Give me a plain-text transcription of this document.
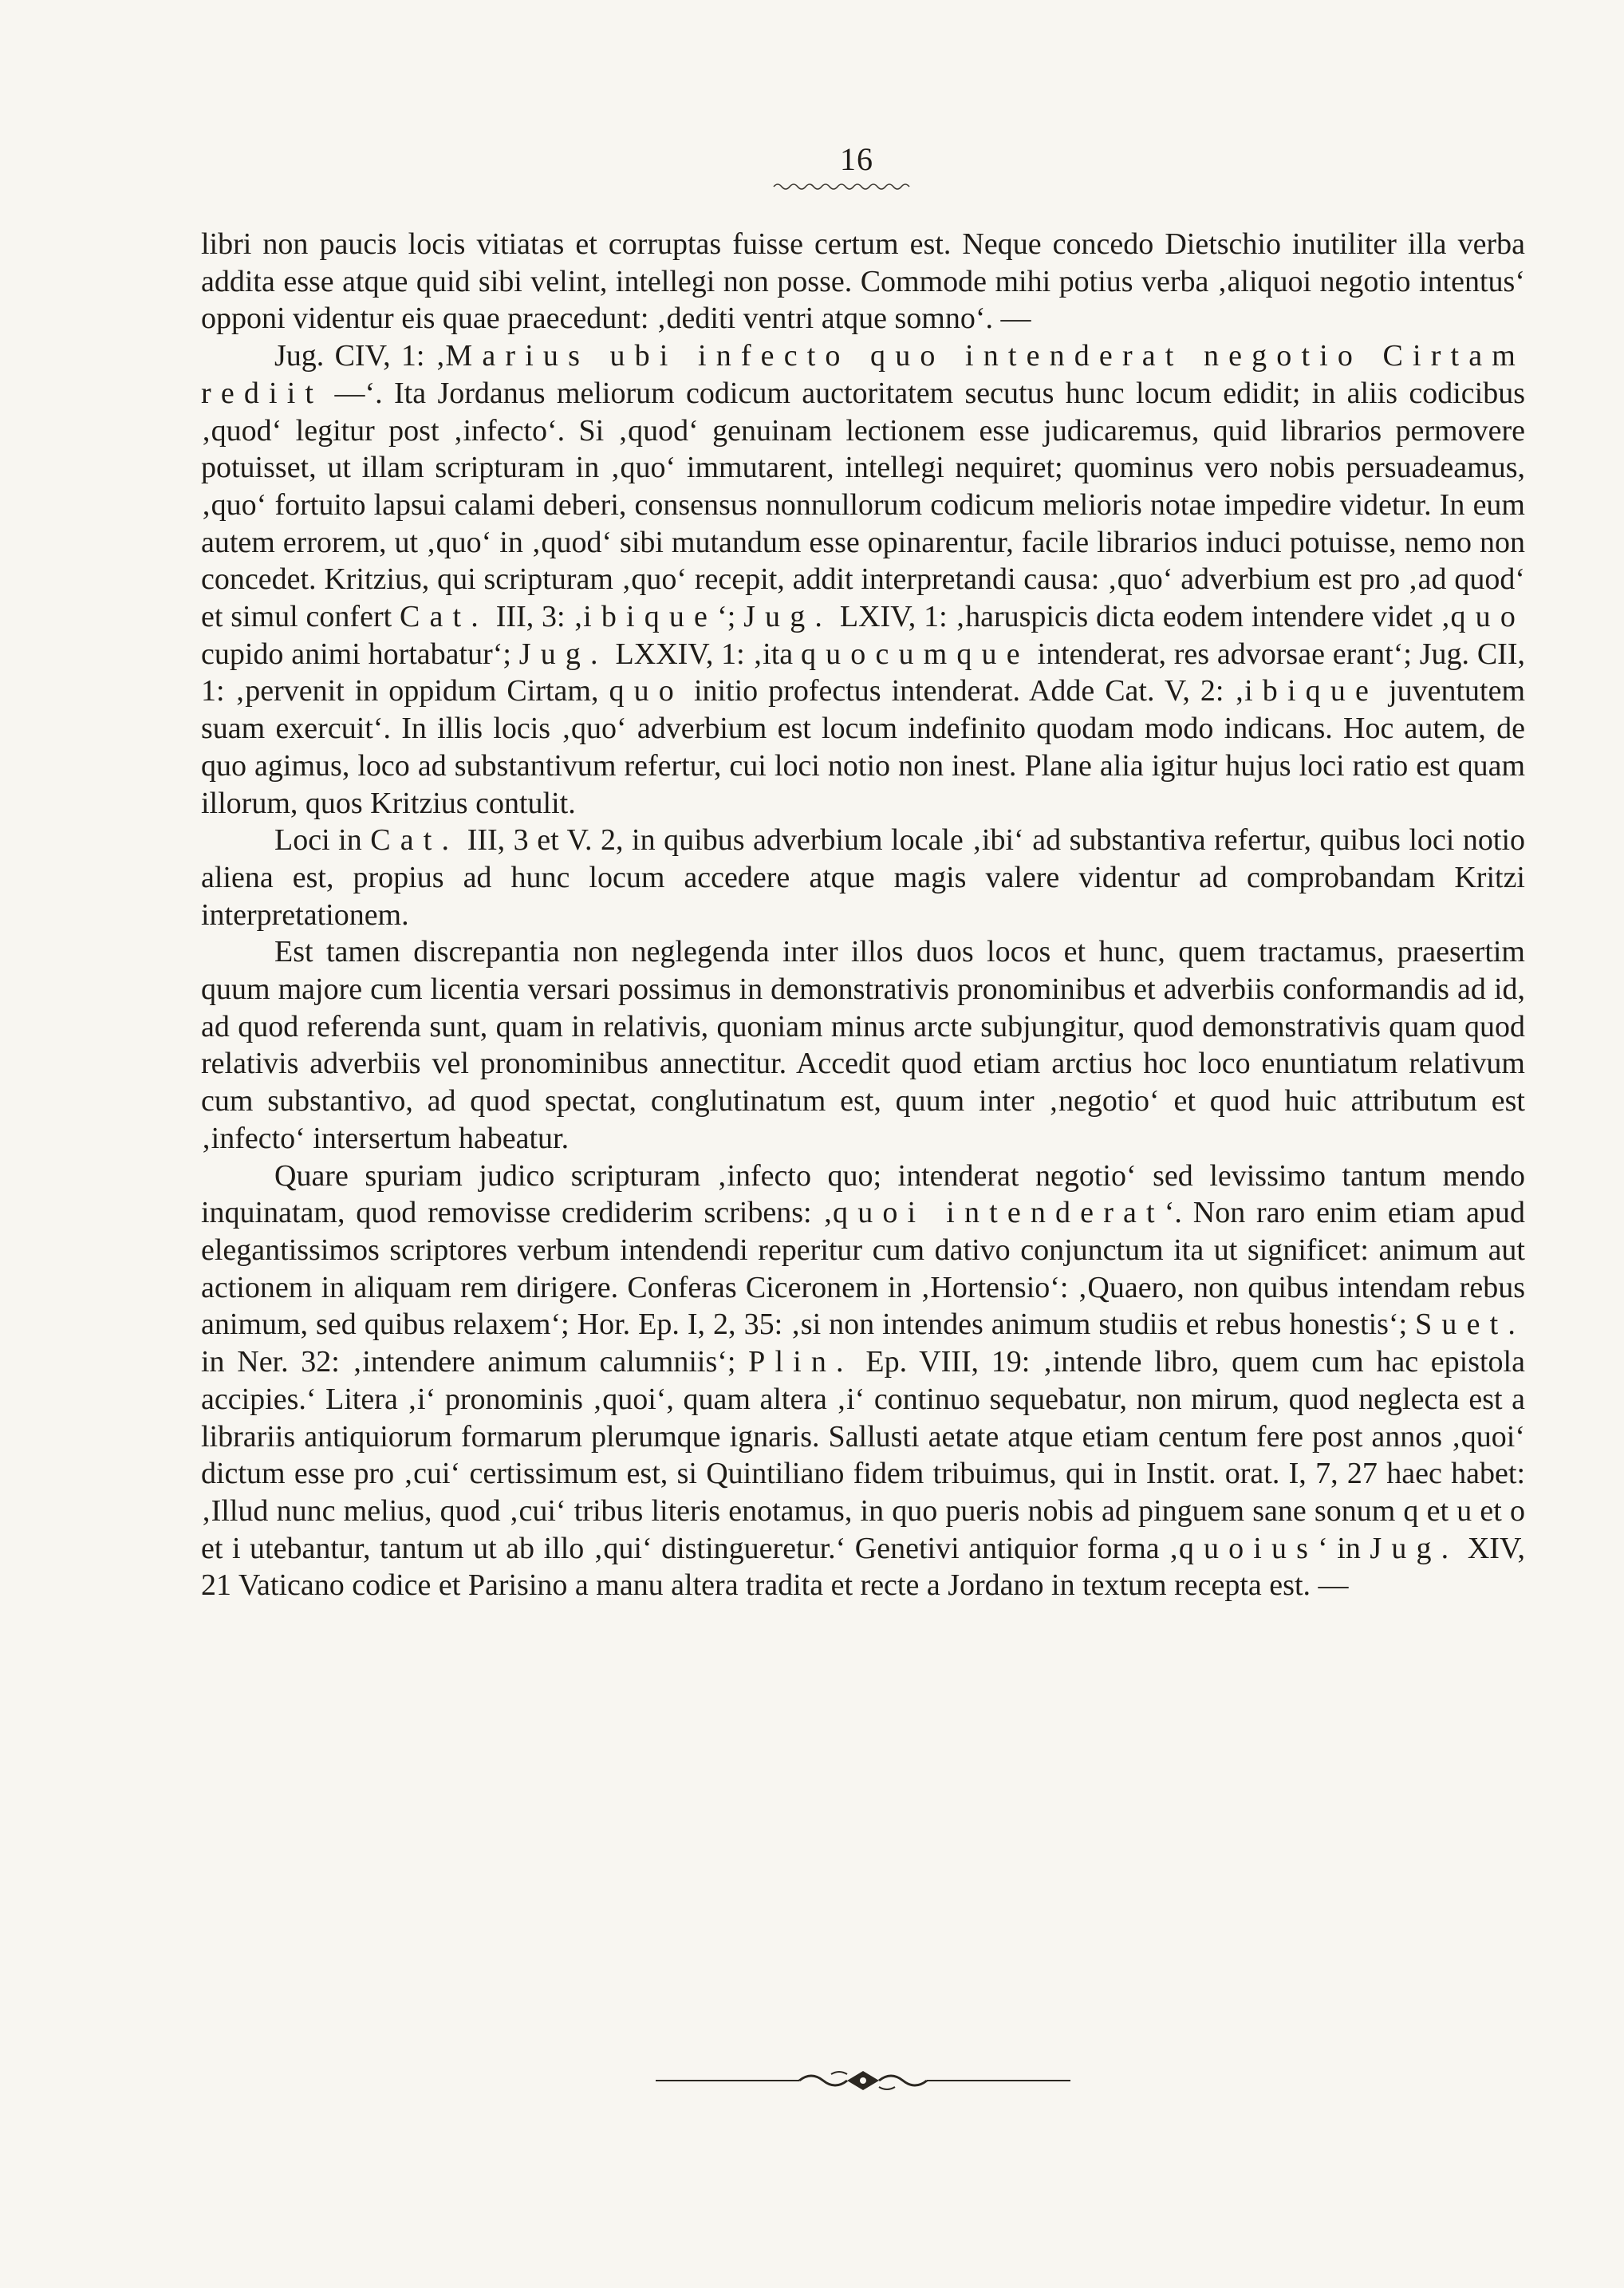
16

libri non paucis locis vitiatas et corruptas fuisse certum est. Neque concedo Dietschio inutiliter illa verba addita esse atque quid sibi velint, intellegi non posse. Commode mihi potius verba ‚aliquoi negotio intentus‘ opponi videntur eis quae praecedunt: ‚dediti ventri atque somno‘. —

Jug. CIV, 1: ‚Marius ubi infecto quo intenderat negotio Cirtam rediit —‘. Ita Jordanus meliorum codicum auctoritatem secutus hunc locum edidit; in aliis codicibus ‚quod‘ legitur post ‚infecto‘. Si ‚quod‘ genuinam lectionem esse judicaremus, quid librarios permovere potuisset, ut illam scripturam in ‚quo‘ immutarent, intellegi nequiret; quominus vero nobis persuadeamus, ‚quo‘ fortuito lapsui calami deberi, consensus nonnullorum codicum melioris notae impedire videtur. In eum autem errorem, ut ‚quo‘ in ‚quod‘ sibi mutandum esse opinarentur, facile librarios induci potuisse, nemo non concedet. Kritzius, qui scripturam ‚quo‘ recepit, addit interpretandi causa: ‚quo‘ adverbium est pro ‚ad quod‘ et simul confert Cat. III, 3: ‚ibique‘; Jug. LXIV, 1: ‚haruspicis dicta eodem intendere videt ‚quo cupido animi hortabatur‘; Jug. LXXIV, 1: ‚ita quocumque intenderat, res advorsae erant‘; Jug. CII, 1: ‚pervenit in oppidum Cirtam, quo initio profectus intenderat. Adde Cat. V, 2: ‚ibique juventutem suam exercuit‘. In illis locis ‚quo‘ adverbium est locum indefinito quodam modo indicans. Hoc autem, de quo agimus, loco ad substantivum refertur, cui loci notio non inest. Plane alia igitur hujus loci ratio est quam illorum, quos Kritzius contulit.

Loci in Cat. III, 3 et V. 2, in quibus adverbium locale ‚ibi‘ ad substantiva refertur, quibus loci notio aliena est, propius ad hunc locum accedere atque magis valere videntur ad comprobandam Kritzi interpretationem.

Est tamen discrepantia non neglegenda inter illos duos locos et hunc, quem tractamus, praesertim quum majore cum licentia versari possimus in demonstrativis pronominibus et adverbiis conformandis ad id, ad quod referenda sunt, quam in relativis, quoniam minus arcte subjungitur, quod demonstrativis quam quod relativis adverbiis vel pronominibus annectitur. Accedit quod etiam arctius hoc loco enuntiatum relativum cum substantivo, ad quod spectat, conglutinatum est, quum inter ‚negotio‘ et quod huic attributum est ‚infecto‘ intersertum habeatur.

Quare spuriam judico scripturam ‚infecto quo; intenderat negotio‘ sed levissimo tantum mendo inquinatam, quod removisse crediderim scribens: ‚quoi intenderat‘. Non raro enim etiam apud elegantissimos scriptores verbum intendendi reperitur cum dativo conjunctum ita ut significet: animum aut actionem in aliquam rem dirigere. Conferas Ciceronem in ‚Hortensio‘: ‚Quaero, non quibus intendam rebus animum, sed quibus relaxem‘; Hor. Ep. I, 2, 35: ‚si non intendes animum studiis et rebus honestis‘; Suet. in Ner. 32: ‚intendere animum calumniis‘; Plin. Ep. VIII, 19: ‚intende libro, quem cum hac epistola accipies.‘ Litera ‚i‘ pronominis ‚quoi‘, quam altera ‚i‘ continuo sequebatur, non mirum, quod neglecta est a librariis antiquiorum formarum plerumque ignaris. Sallusti aetate atque etiam centum fere post annos ‚quoi‘ dictum esse pro ‚cui‘ certissimum est, si Quintiliano fidem tribuimus, qui in Instit. orat. I, 7, 27 haec habet: ‚Illud nunc melius, quod ‚cui‘ tribus literis enotamus, in quo pueris nobis ad pinguem sane sonum q et u et o et i utebantur, tantum ut ab illo ‚qui‘ distingueretur.‘ Genetivi antiquior forma ‚quoius‘ in Jug. XIV, 21 Vaticano codice et Parisino a manu altera tradita et recte a Jordano in textum recepta est. —
